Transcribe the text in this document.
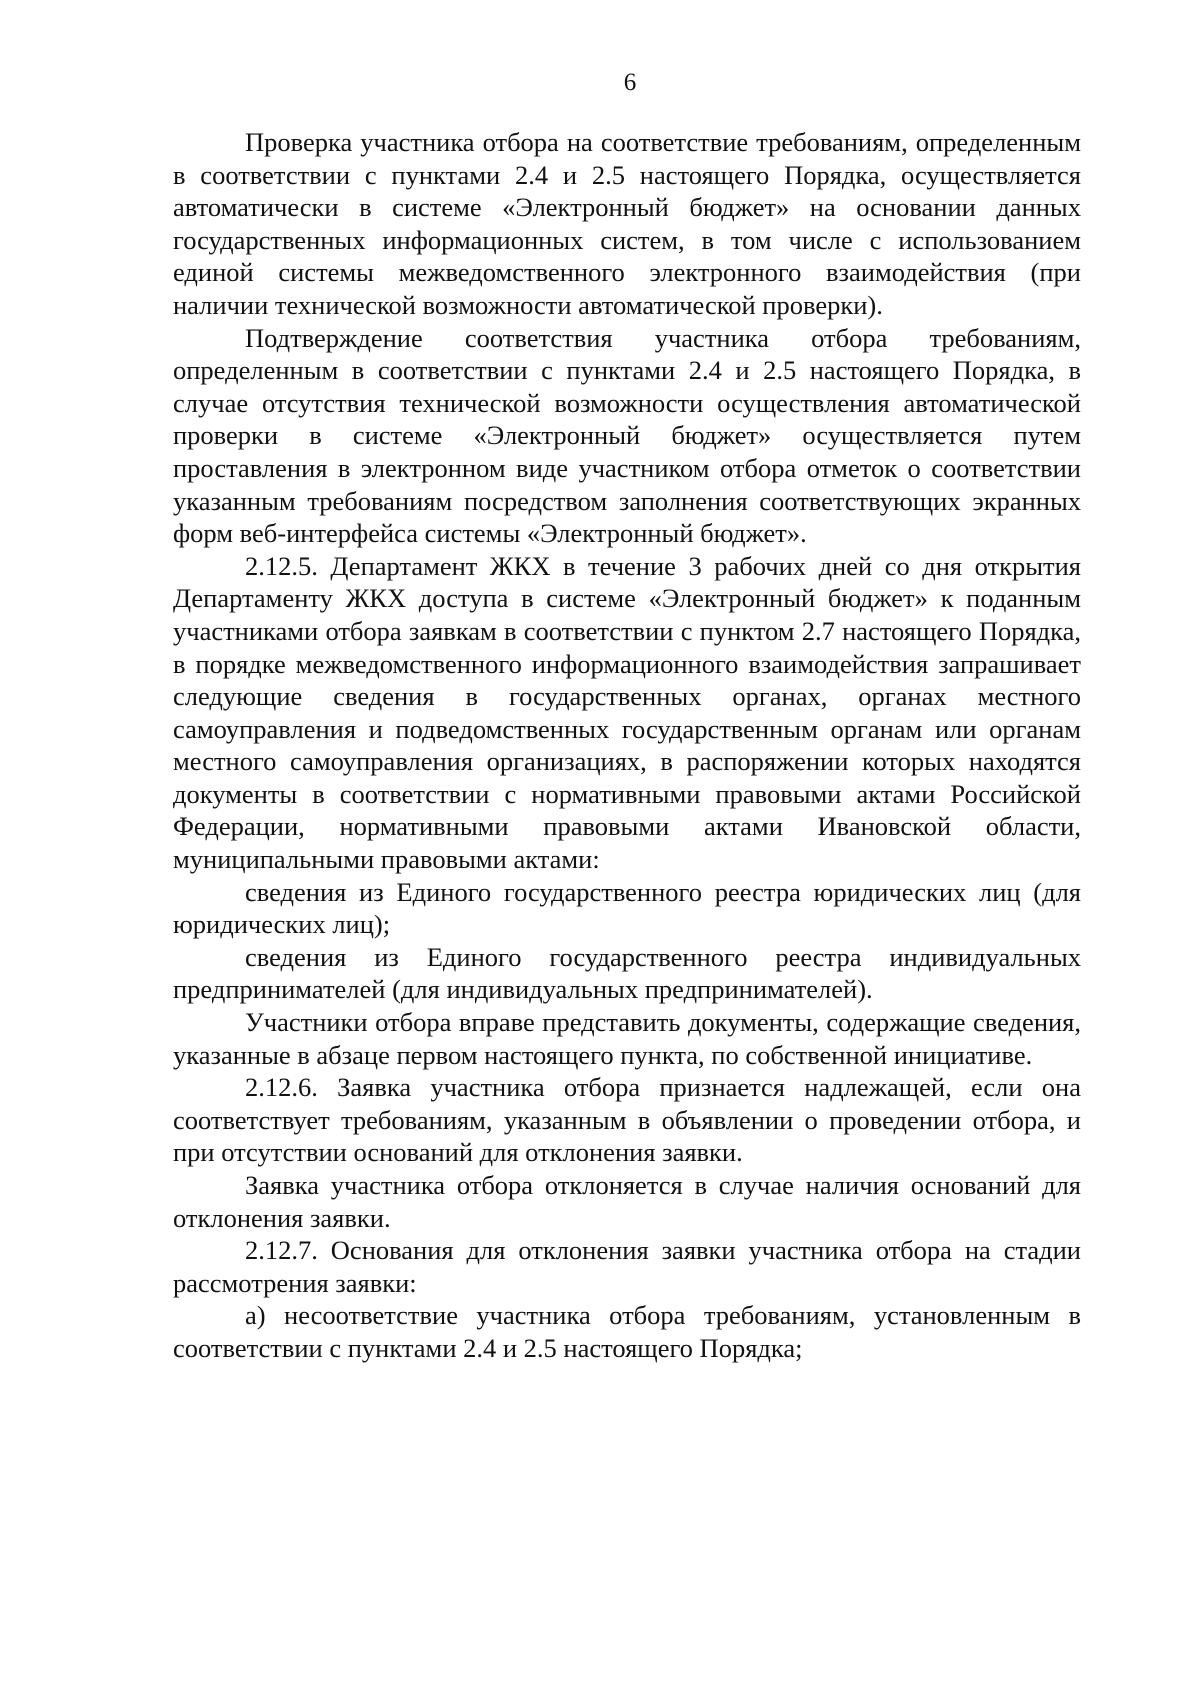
6

Проверка участника отбора на соответствие требованиям, определенным в соответствии с пунктами 2.4 и 2.5 настоящего Порядка, осуществляется автоматически в системе «Электронный бюджет» на основании данных государственных информационных систем, в том числе с использованием единой системы межведомственного электронного взаимодействия (при наличии технической возможности автоматической проверки).

Подтверждение соответствия участника отбора требованиям, определенным в соответствии с пунктами 2.4 и 2.5 настоящего Порядка, в случае отсутствия технической возможности осуществления автоматической проверки в системе «Электронный бюджет» осуществляется путем проставления в электронном виде участником отбора отметок о соответствии указанным требованиям посредством заполнения соответствующих экранных форм веб-интерфейса системы «Электронный бюджет».

2.12.5. Департамент ЖКХ в течение 3 рабочих дней со дня открытия Департаменту ЖКХ доступа в системе «Электронный бюджет» к поданным участниками отбора заявкам в соответствии с пунктом 2.7 настоящего Порядка, в порядке межведомственного информационного взаимодействия запрашивает следующие сведения в государственных органах, органах местного самоуправления и подведомственных государственным органам или органам местного самоуправления организациях, в распоряжении которых находятся документы в соответствии с нормативными правовыми актами Российской Федерации, нормативными правовыми актами Ивановской области, муниципальными правовыми актами:

сведения из Единого государственного реестра юридических лиц (для юридических лиц);

сведения из Единого государственного реестра индивидуальных предпринимателей (для индивидуальных предпринимателей).

Участники отбора вправе представить документы, содержащие сведения, указанные в абзаце первом настоящего пункта, по собственной инициативе.

2.12.6. Заявка участника отбора признается надлежащей, если она соответствует требованиям, указанным в объявлении о проведении отбора, и при отсутствии оснований для отклонения заявки.

Заявка участника отбора отклоняется в случае наличия оснований для отклонения заявки.

2.12.7. Основания для отклонения заявки участника отбора на стадии рассмотрения заявки:

а) несоответствие участника отбора требованиям, установленным в соответствии с пунктами 2.4 и 2.5 настоящего Порядка;
